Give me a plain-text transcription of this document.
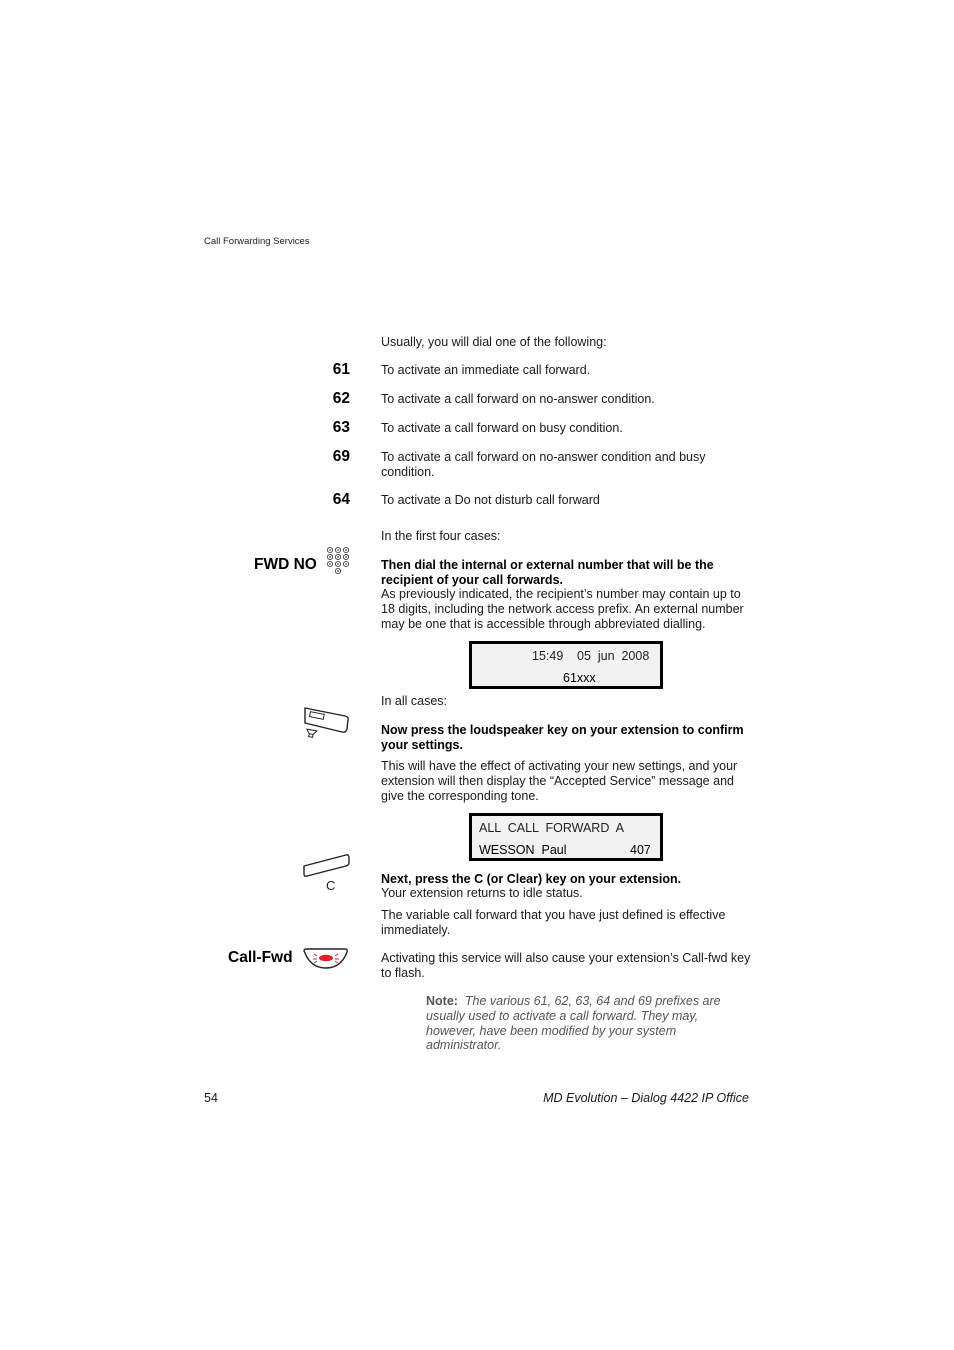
Call Forwarding Services
Usually, you will dial one of the following:
61 To activate an immediate call forward.
62 To activate a call forward on no-answer condition.
63 To activate a call forward on busy condition.
69 To activate a call forward on no-answer condition and busy condition.
64 To activate a Do not disturb call forward
In the first four cases:
FWD NO	Then dial the internal or external number that will be the recipient of your call forwards.
As previously indicated, the recipient’s number may contain up to 18 digits, including the network access prefix. An external number may be one that is accessible through abbreviated dialling.
15:49 05  jun  2008
61xxx
In all cases:
Now press the loudspeaker key on your extension to confirm your settings.
This will have the effect of activating your new settings, and your extension will then display the “Accepted Service” message and give the corresponding tone.
ALL  CALL  FORWARD  A
WESSON  Paul	407
C	Next, press the C (or Clear) key on your extension.
Your extension returns to idle status.
The variable call forward that you have just defined is effective immediately.
Call-Fwd	Activating this service will also cause your extension’s Call-fwd key to flash.
Note: The various 61, 62, 63, 64 and 69 prefixes are usually used to activate a call forward. They may, however, have been modified by your system administrator.
54	MD Evolution – Dialog 4422 IP Office
